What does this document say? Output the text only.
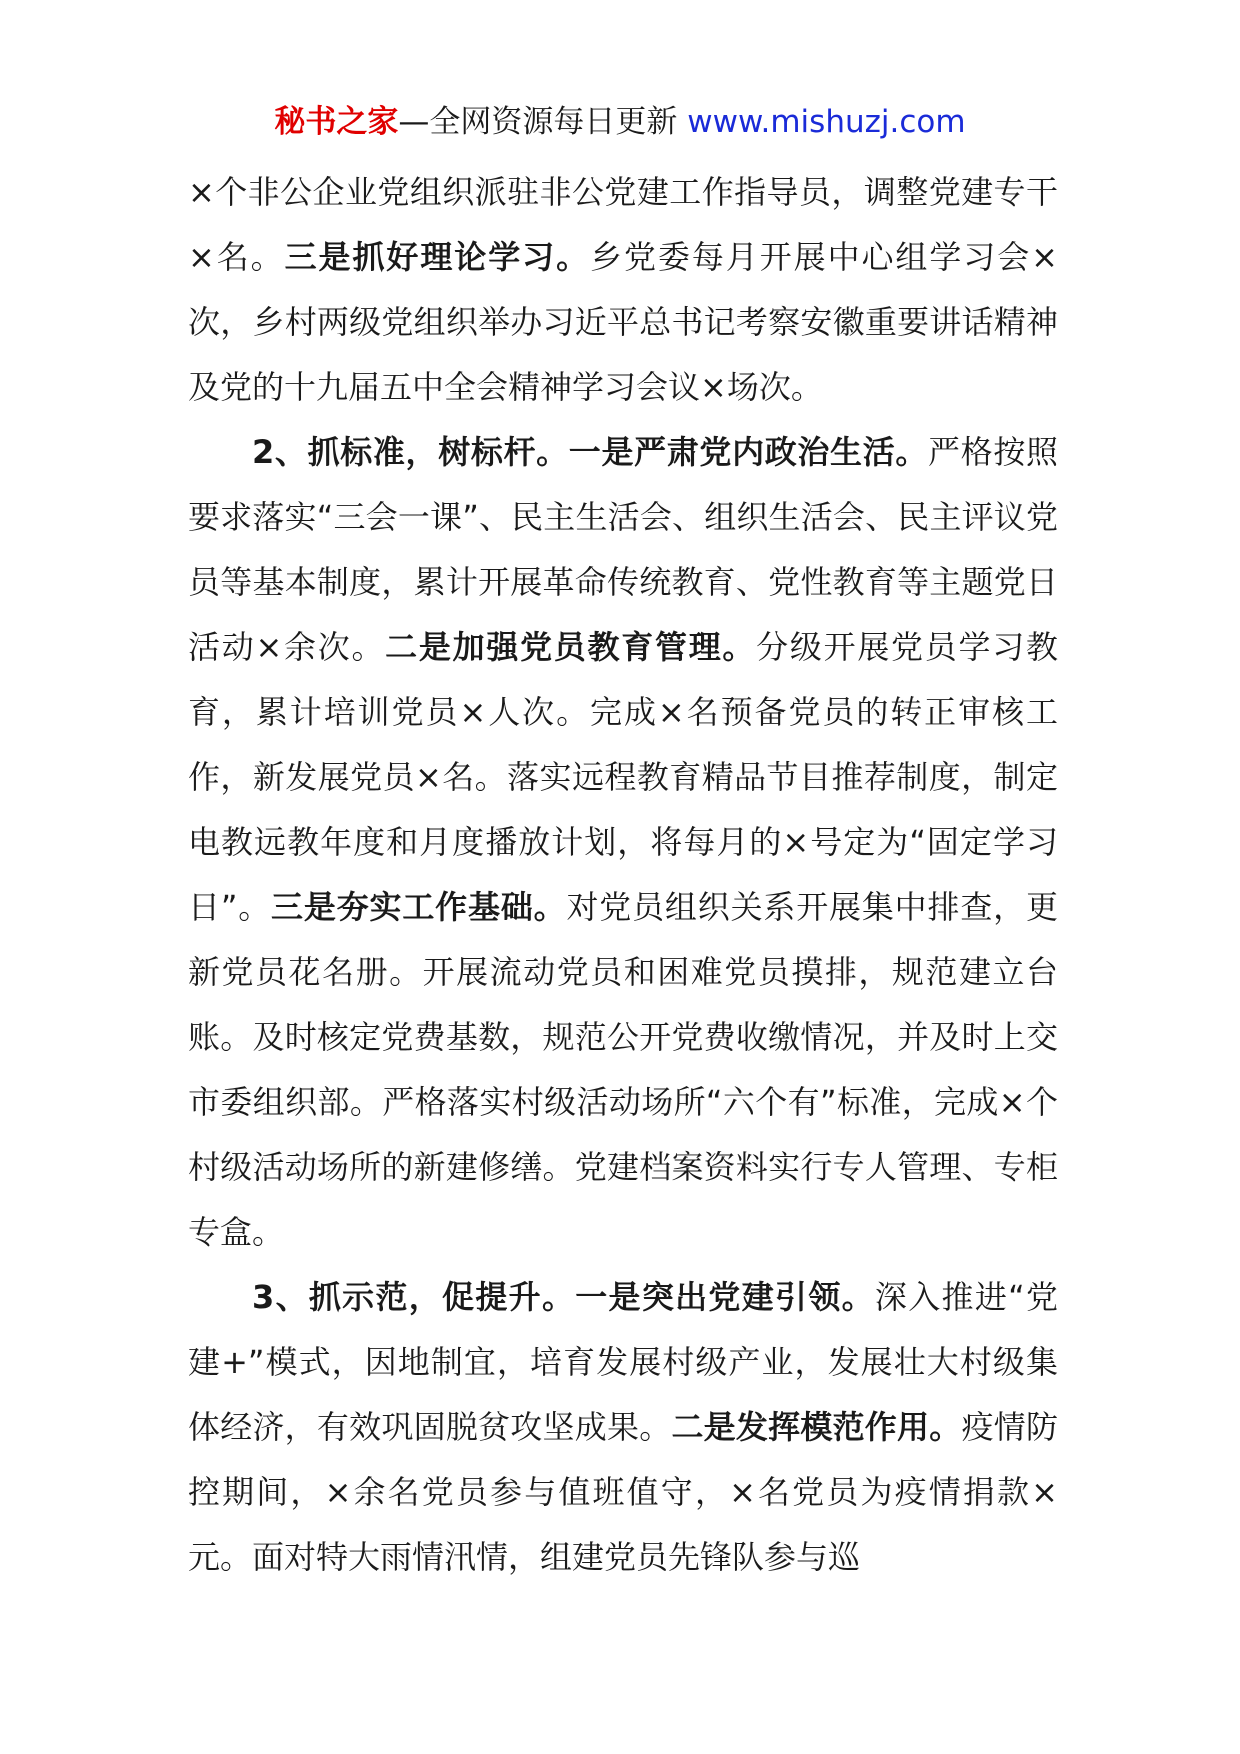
秘书之家—全网资源每日更新 www.mishuzj.com

×个非公企业党组织派驻非公党建工作指导员，调整党建专干×名。三是抓好理论学习。乡党委每月开展中心组学习会×次，乡村两级党组织举办习近平总书记考察安徽重要讲话精神及党的十九届五中全会精神学习会议×场次。

2、抓标准，树标杆。一是严肃党内政治生活。严格按照要求落实“三会一课”、民主生活会、组织生活会、民主评议党员等基本制度，累计开展革命传统教育、党性教育等主题党日活动×余次。二是加强党员教育管理。分级开展党员学习教育，累计培训党员×人次。完成×名预备党员的转正审核工作，新发展党员×名。落实远程教育精品节目推荐制度，制定电教远教年度和月度播放计划，将每月的×号定为“固定学习日”。三是夯实工作基础。对党员组织关系开展集中排查，更新党员花名册。开展流动党员和困难党员摸排，规范建立台账。及时核定党费基数，规范公开党费收缴情况，并及时上交市委组织部。严格落实村级活动场所“六个有”标准，完成×个村级活动场所的新建修缮。党建档案资料实行专人管理、专柜专盒。

3、抓示范，促提升。一是突出党建引领。深入推进“党建+”模式，因地制宜，培育发展村级产业，发展壮大村级集体经济，有效巩固脱贫攻坚成果。二是发挥模范作用。疫情防控期间，×余名党员参与值班值守，×名党员为疫情捐款×元。面对特大雨情汛情，组建党员先锋队参与巡
